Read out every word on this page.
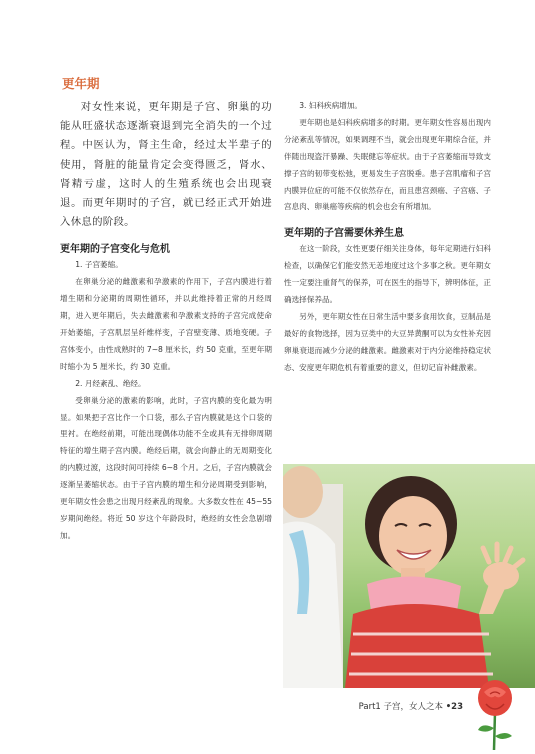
更年期

对女性来说，更年期是子宫、卵巢的功能从旺盛状态逐渐衰退到完全消失的一个过程。中医认为，肾主生命，经过太半辈子的使用，肾脏的能量肯定会变得匮乏，肾水、肾精亏虚，这时人的生殖系统也会出现衰退。而更年期时的子宫，就已经正式开始进入休息的阶段。

更年期的子宫变化与危机

1. 子宫萎缩。

在卵巢分泌的雌激素和孕激素的作用下，子宫内膜进行着增生期和分泌期的周期性循环，并以此维持着正常的月经周期，进入更年期后，失去雌激素和孕激素支持的子宫完成使命开始萎缩，子宫肌层呈纤维样变，子宫壁变薄、质地变硬。子宫体变小，由性成熟时的 7~8 厘米长，约 50 克重，至更年期时缩小为 5 厘米长，约 30 克重。

2. 月经紊乱、绝经。

受卵巢分泌的激素的影响，此时，子宫内膜的变化最为明显。如果把子宫比作一个口袋，那么子宫内膜就是这个口袋的里衬。在绝经前期，可能出现偶体功能不全或具有无排卵周期特征的增生期子宫内膜。绝经后期，就会向静止的无周期变化的内膜过渡，这段时间可持续 6~8 个月。之后，子宫内膜就会逐渐呈萎缩状态。由于子宫内膜的增生和分泌周期受到影响，更年期女性会患之出现月经紊乱的现象。大多数女性在 45~55 岁期间绝经。将近 50 岁这个年龄段时，绝经的女性会急剧增加。

3. 妇科疾病增加。

更年期也是妇科疾病增多的时期。更年期女性容易出现内分泌紊乱等情况，如果调理不当，就会出现更年期综合征，并伴随出现盗汗暴躁、失眠健忘等症状。由于子宫萎缩而导致支撑子宫的韧带变松弛，更易发生子宫脱垂。患子宫肌瘤和子宫内膜异位症的可能不仅依然存在，而且患宫颈癌、子宫癌、子宫息肉、卵巢癌等疾病的机会也会有所增加。

更年期的子宫需要休养生息

在这一阶段，女性更要仔细关注身体，每年定期进行妇科检查，以确保它们能安然无恙地度过这个多事之秋。更年期女性一定要注重肾气的保养，可在医生的指导下，辨明体征，正确选择保养品。

另外，更年期女性在日常生活中要多食用饮食，豆制品是最好的食物选择，因为豆类中的大豆异黄酮可以为女性补充因卵巢衰退而减少分泌的雌激素。雌激素对于内分泌维持稳定状态、安度更年期危机有着重要的意义，但切记盲补雌激素。

Part1 子宫，女人之本 •23
